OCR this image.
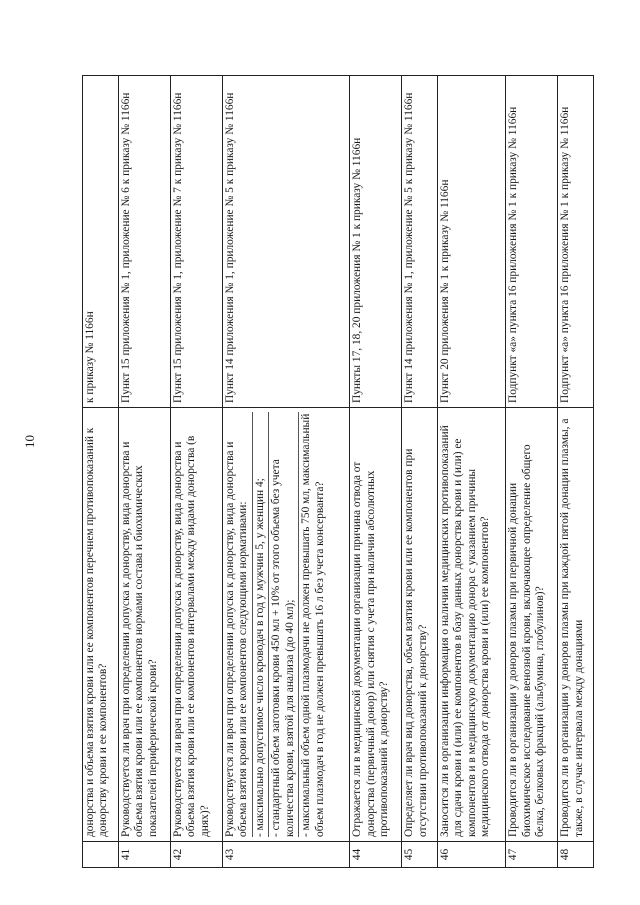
10

	донорства и объема взятия крови или ее компонентов перечнем противопоказаний к донорству крови и ее компонентов?	к приказу № 1166н
41	Руководствуется ли врач при определении допуска к донорству, вида донорства и объема взятия крови или ее компонентов нормами состава и биохимических показателей периферической крови?	Пункт 15 приложения № 1, приложение № 6 к приказу № 1166н
42	Руководствуется ли врач при определении допуска к донорству, вида донорства и объема взятия крови или ее компонентов интервалами между видами донорства (в днях)?	Пункт 15 приложения № 1, приложение № 7 к приказу № 1166н
43	Руководствуется ли врач при определении допуска к донорству, вида донорства и объема взятия крови или ее компонентов следующими нормативами: - максимально допустимое число кроводач в год у мужчин 5, у женщин 4; - стандартный объем заготовки крови 450 мл + 10% от этого объема без учета количества крови, взятой для анализа (до 40 мл); - максимальный объем одной плазмодачи не должен превышать 750 мл, максимальный объем плазмодач в год не должен превышать 16 л без учета консерванта?	Пункт 14 приложения № 1, приложение № 5 к приказу № 1166н
44	Отражается ли в медицинской документации организации причина отвода от донорства (первичный донор) или снятия с учета при наличии абсолютных противопоказаний к донорству?	Пункты 17, 18, 20 приложения № 1 к приказу № 1166н
45	Определяет ли врач вид донорства, объем взятия крови или ее компонентов при отсутствии противопоказаний к донорству?	Пункт 14 приложения № 1, приложение № 5 к приказу № 1166н
46	Заносится ли в организации информация о наличии медицинских противопоказаний для сдачи крови и (или) ее компонентов в базу данных донорства крови и (или) ее компонентов и в медицинскую документацию донора с указанием причины медицинского отвода от донорства крови и (или) ее компонентов?	Пункт 20 приложения № 1 к приказу № 1166н
47	Проводится ли в организации у доноров плазмы при первичной донации биохимическое исследование венозной крови, включающее определение общего белка, белковых фракций (альбумина, глобулинов)?	Подпункт «а» пункта 16 приложения № 1 к приказу № 1166н
48	Проводится ли в организации у доноров плазмы при каждой пятой донации плазмы, а также, в случае интервала между донациями	Подпункт «а» пункта 16 приложения № 1 к приказу № 1166н
